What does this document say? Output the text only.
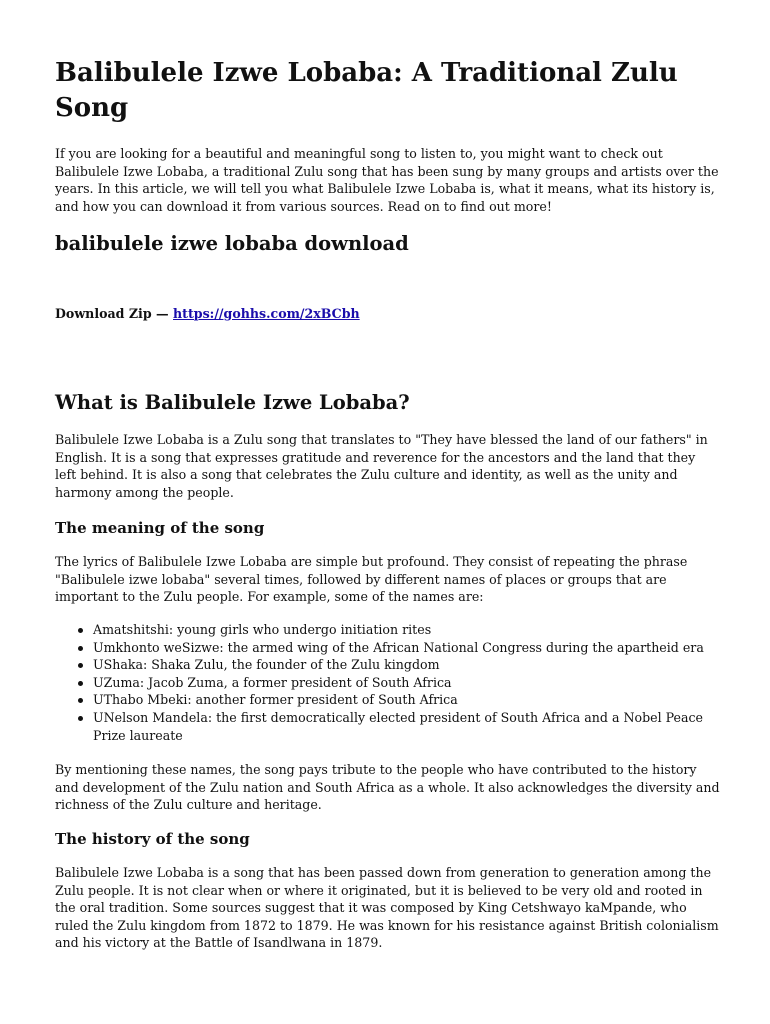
Balibulele Izwe Lobaba: A Traditional Zulu Song

If you are looking for a beautiful and meaningful song to listen to, you might want to check out Balibulele Izwe Lobaba, a traditional Zulu song that has been sung by many groups and artists over the years. In this article, we will tell you what Balibulele Izwe Lobaba is, what it means, what its history is, and how you can download it from various sources. Read on to find out more!

balibulele izwe lobaba download

Download Zip — https://gohhs.com/2xBCbh

What is Balibulele Izwe Lobaba?

Balibulele Izwe Lobaba is a Zulu song that translates to "They have blessed the land of our fathers" in English. It is a song that expresses gratitude and reverence for the ancestors and the land that they left behind. It is also a song that celebrates the Zulu culture and identity, as well as the unity and harmony among the people.

The meaning of the song

The lyrics of Balibulele Izwe Lobaba are simple but profound. They consist of repeating the phrase "Balibulele izwe lobaba" several times, followed by different names of places or groups that are important to the Zulu people. For example, some of the names are:

Amatshitshi: young girls who undergo initiation rites
Umkhonto weSizwe: the armed wing of the African National Congress during the apartheid era
UShaka: Shaka Zulu, the founder of the Zulu kingdom
UZuma: Jacob Zuma, a former president of South Africa
UThabo Mbeki: another former president of South Africa
UNelson Mandela: the first democratically elected president of South Africa and a Nobel Peace Prize laureate

By mentioning these names, the song pays tribute to the people who have contributed to the history and development of the Zulu nation and South Africa as a whole. It also acknowledges the diversity and richness of the Zulu culture and heritage.

The history of the song

Balibulele Izwe Lobaba is a song that has been passed down from generation to generation among the Zulu people. It is not clear when or where it originated, but it is believed to be very old and rooted in the oral tradition. Some sources suggest that it was composed by King Cetshwayo kaMpande, who ruled the Zulu kingdom from 1872 to 1879. He was known for his resistance against British colonialism and his victory at the Battle of Isandlwana in 1879.
